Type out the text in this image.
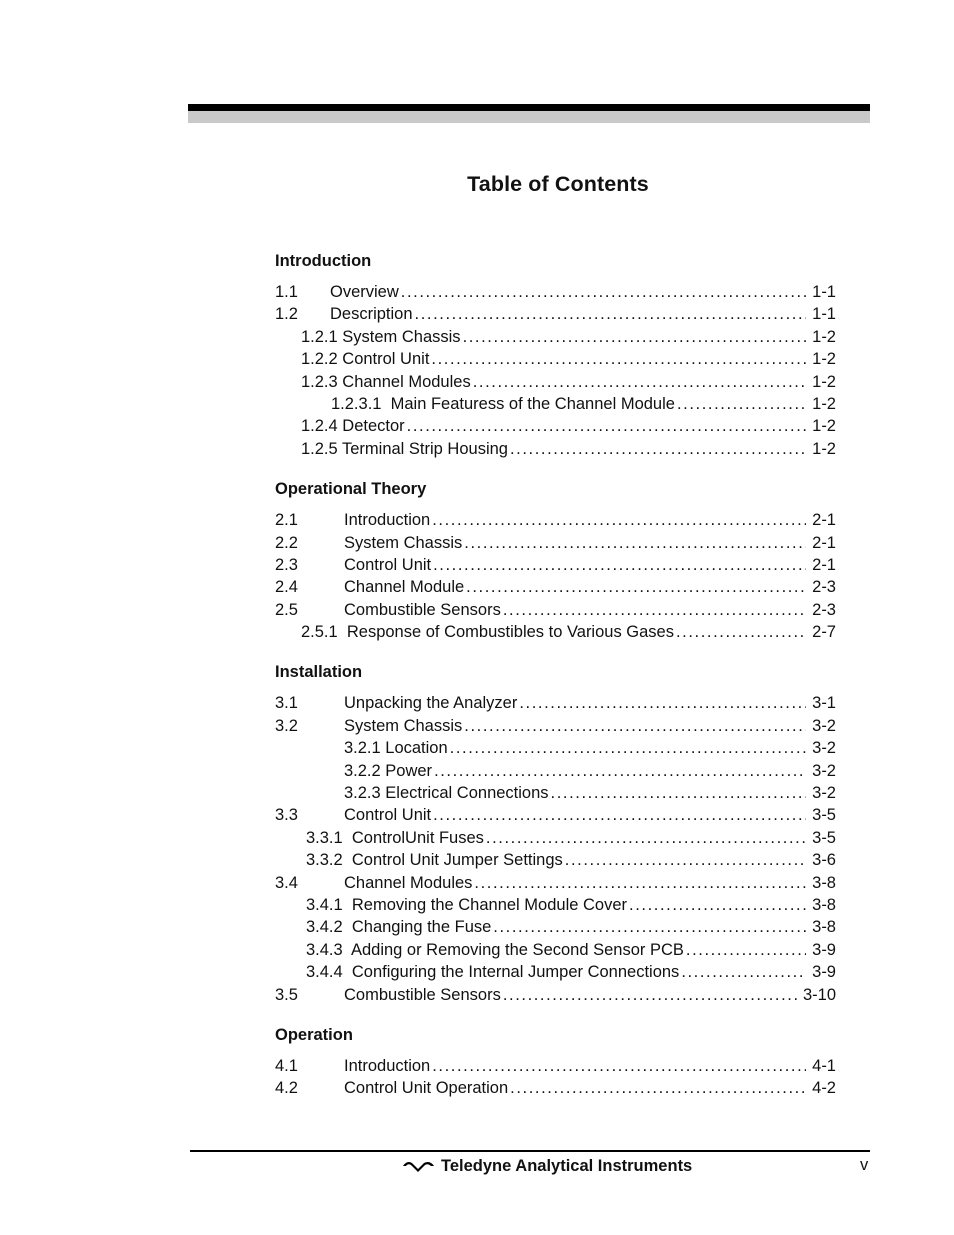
Table of Contents
Introduction
1.1	Overview .....	1-1
1.2	Description .....	1-1
1.2.1 System Chassis .....	1-2
1.2.2 Control Unit .....	1-2
1.2.3 Channel Modules .....	1-2
1.2.3.1  Main Featuress of the Channel Module .....	1-2
1.2.4 Detector .....	1-2
1.2.5 Terminal Strip Housing .....	1-2
Operational Theory
2.1	Introduction .....	2-1
2.2	System Chassis .....	2-1
2.3	Control Unit .....	2-1
2.4	Channel Module .....	2-3
2.5	Combustible Sensors .....	2-3
2.5.1  Response of Combustibles to Various Gases .....	2-7
Installation
3.1	Unpacking the Analyzer .....	3-1
3.2	System Chassis .....	3-2
3.2.1 Location .....	3-2
3.2.2 Power .....	3-2
3.2.3 Electrical Connections .....	3-2
3.3	Control Unit .....	3-5
3.3.1  ControlUnit Fuses .....	3-5
3.3.2  Control Unit Jumper Settings .....	3-6
3.4	Channel Modules .....	3-8
3.4.1  Removing the Channel Module Cover .....	3-8
3.4.2  Changing the Fuse .....	3-8
3.4.3  Adding or Removing the Second Sensor PCB .....	3-9
3.4.4  Configuring the Internal Jumper Connections .....	3-9
3.5	Combustible Sensors .....	3-10
Operation
4.1	Introduction .....	4-1
4.2	Control Unit Operation .....	4-2
Teledyne Analytical Instruments	v
